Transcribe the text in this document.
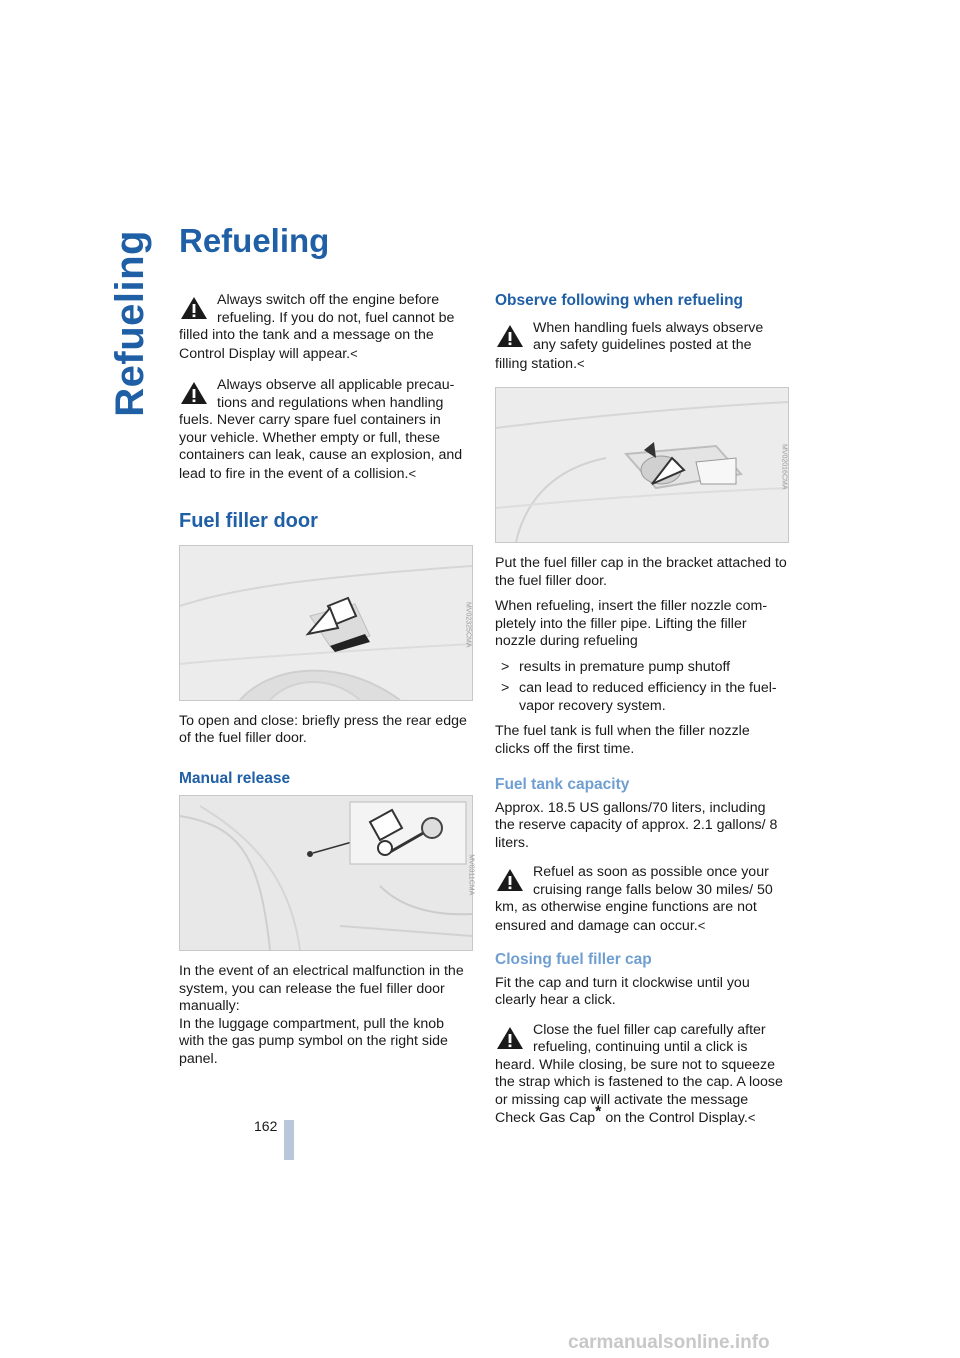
Refueling Refueling
Always switch off the engine before refueling. If you do not, fuel cannot be filled into the tank and a message on the Control Display will appear.<
Always observe all applicable precau-tions and regulations when handling fuels. Never carry spare fuel containers in your vehicle. Whether empty or full, these containers can leak, cause an explosion, and lead to fire in the event of a collision.<
Fuel filler door
MV02325CMA

To open and close: briefly press the rear edge of the fuel filler door.

Manual release
MV0311CMA

In the event of an electrical malfunction in the system, you can release the fuel filler door manually:

In the luggage compartment, pull the knob with the gas pump symbol on the right side panel.

Observe following when refueling
When handling fuels always observe any safety guidelines posted at the filling station.<
MV02016CMA

Put the fuel filler cap in the bracket attached to the fuel filler door.

When refueling, insert the filler nozzle com-pletely into the filler pipe. Lifting the filler nozzle during refueling

> results in premature pump shutoff
> can lead to reduced efficiency in the fuel-vapor recovery system.

The fuel tank is full when the filler nozzle clicks off the first time.

Fuel tank capacity

Approx. 18.5 US gallons/70 liters, including the reserve capacity of approx. 2.1 gallons/ 8 liters.

Refuel as soon as possible once your cruising range falls below 30 miles/ 50 km, as otherwise engine functions are not ensured and damage can occur.<
Closing fuel filler cap

Fit the cap and turn it clockwise until you clearly hear a click.

Close the fuel filler cap carefully after refueling, continuing until a click is heard. While closing, be sure not to squeeze the strap which is fastened to the cap. A loose or missing cap will activate the message Check Gas Cap* on the Control Display.<
162
carmanualsonline.info
